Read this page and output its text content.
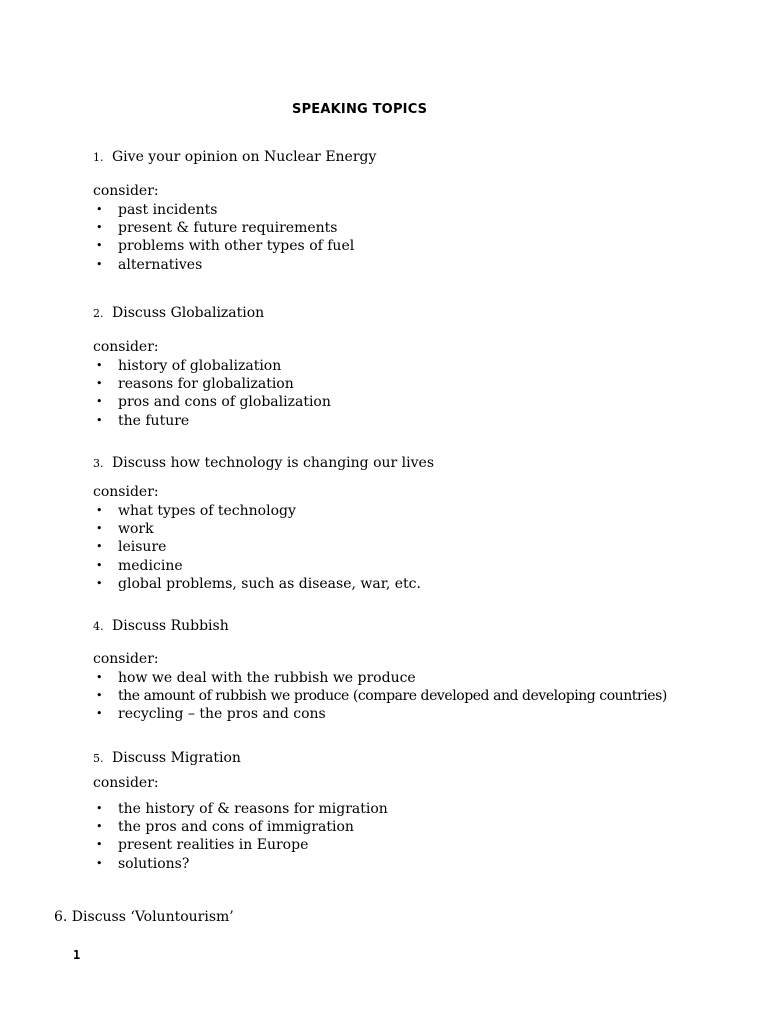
SPEAKING TOPICS
1. Give your opinion on Nuclear Energy
consider:
• past incidents
• present & future requirements
• problems with other types of fuel
• alternatives
2. Discuss Globalization
consider:
• history of globalization
• reasons for globalization
• pros and cons of globalization
• the future
3. Discuss how technology is changing our lives
consider:
• what types of technology
• work
• leisure
• medicine
• global problems, such as disease, war, etc.
4. Discuss Rubbish
consider:
• how we deal with the rubbish we produce
• the amount of rubbish we produce (compare developed and developing countries)
• recycling – the pros and cons
5. Discuss Migration
consider:
• the history of & reasons for migration
• the pros and cons of immigration
• present realities in Europe
• solutions?
6. Discuss ‘Voluntourism’
1
